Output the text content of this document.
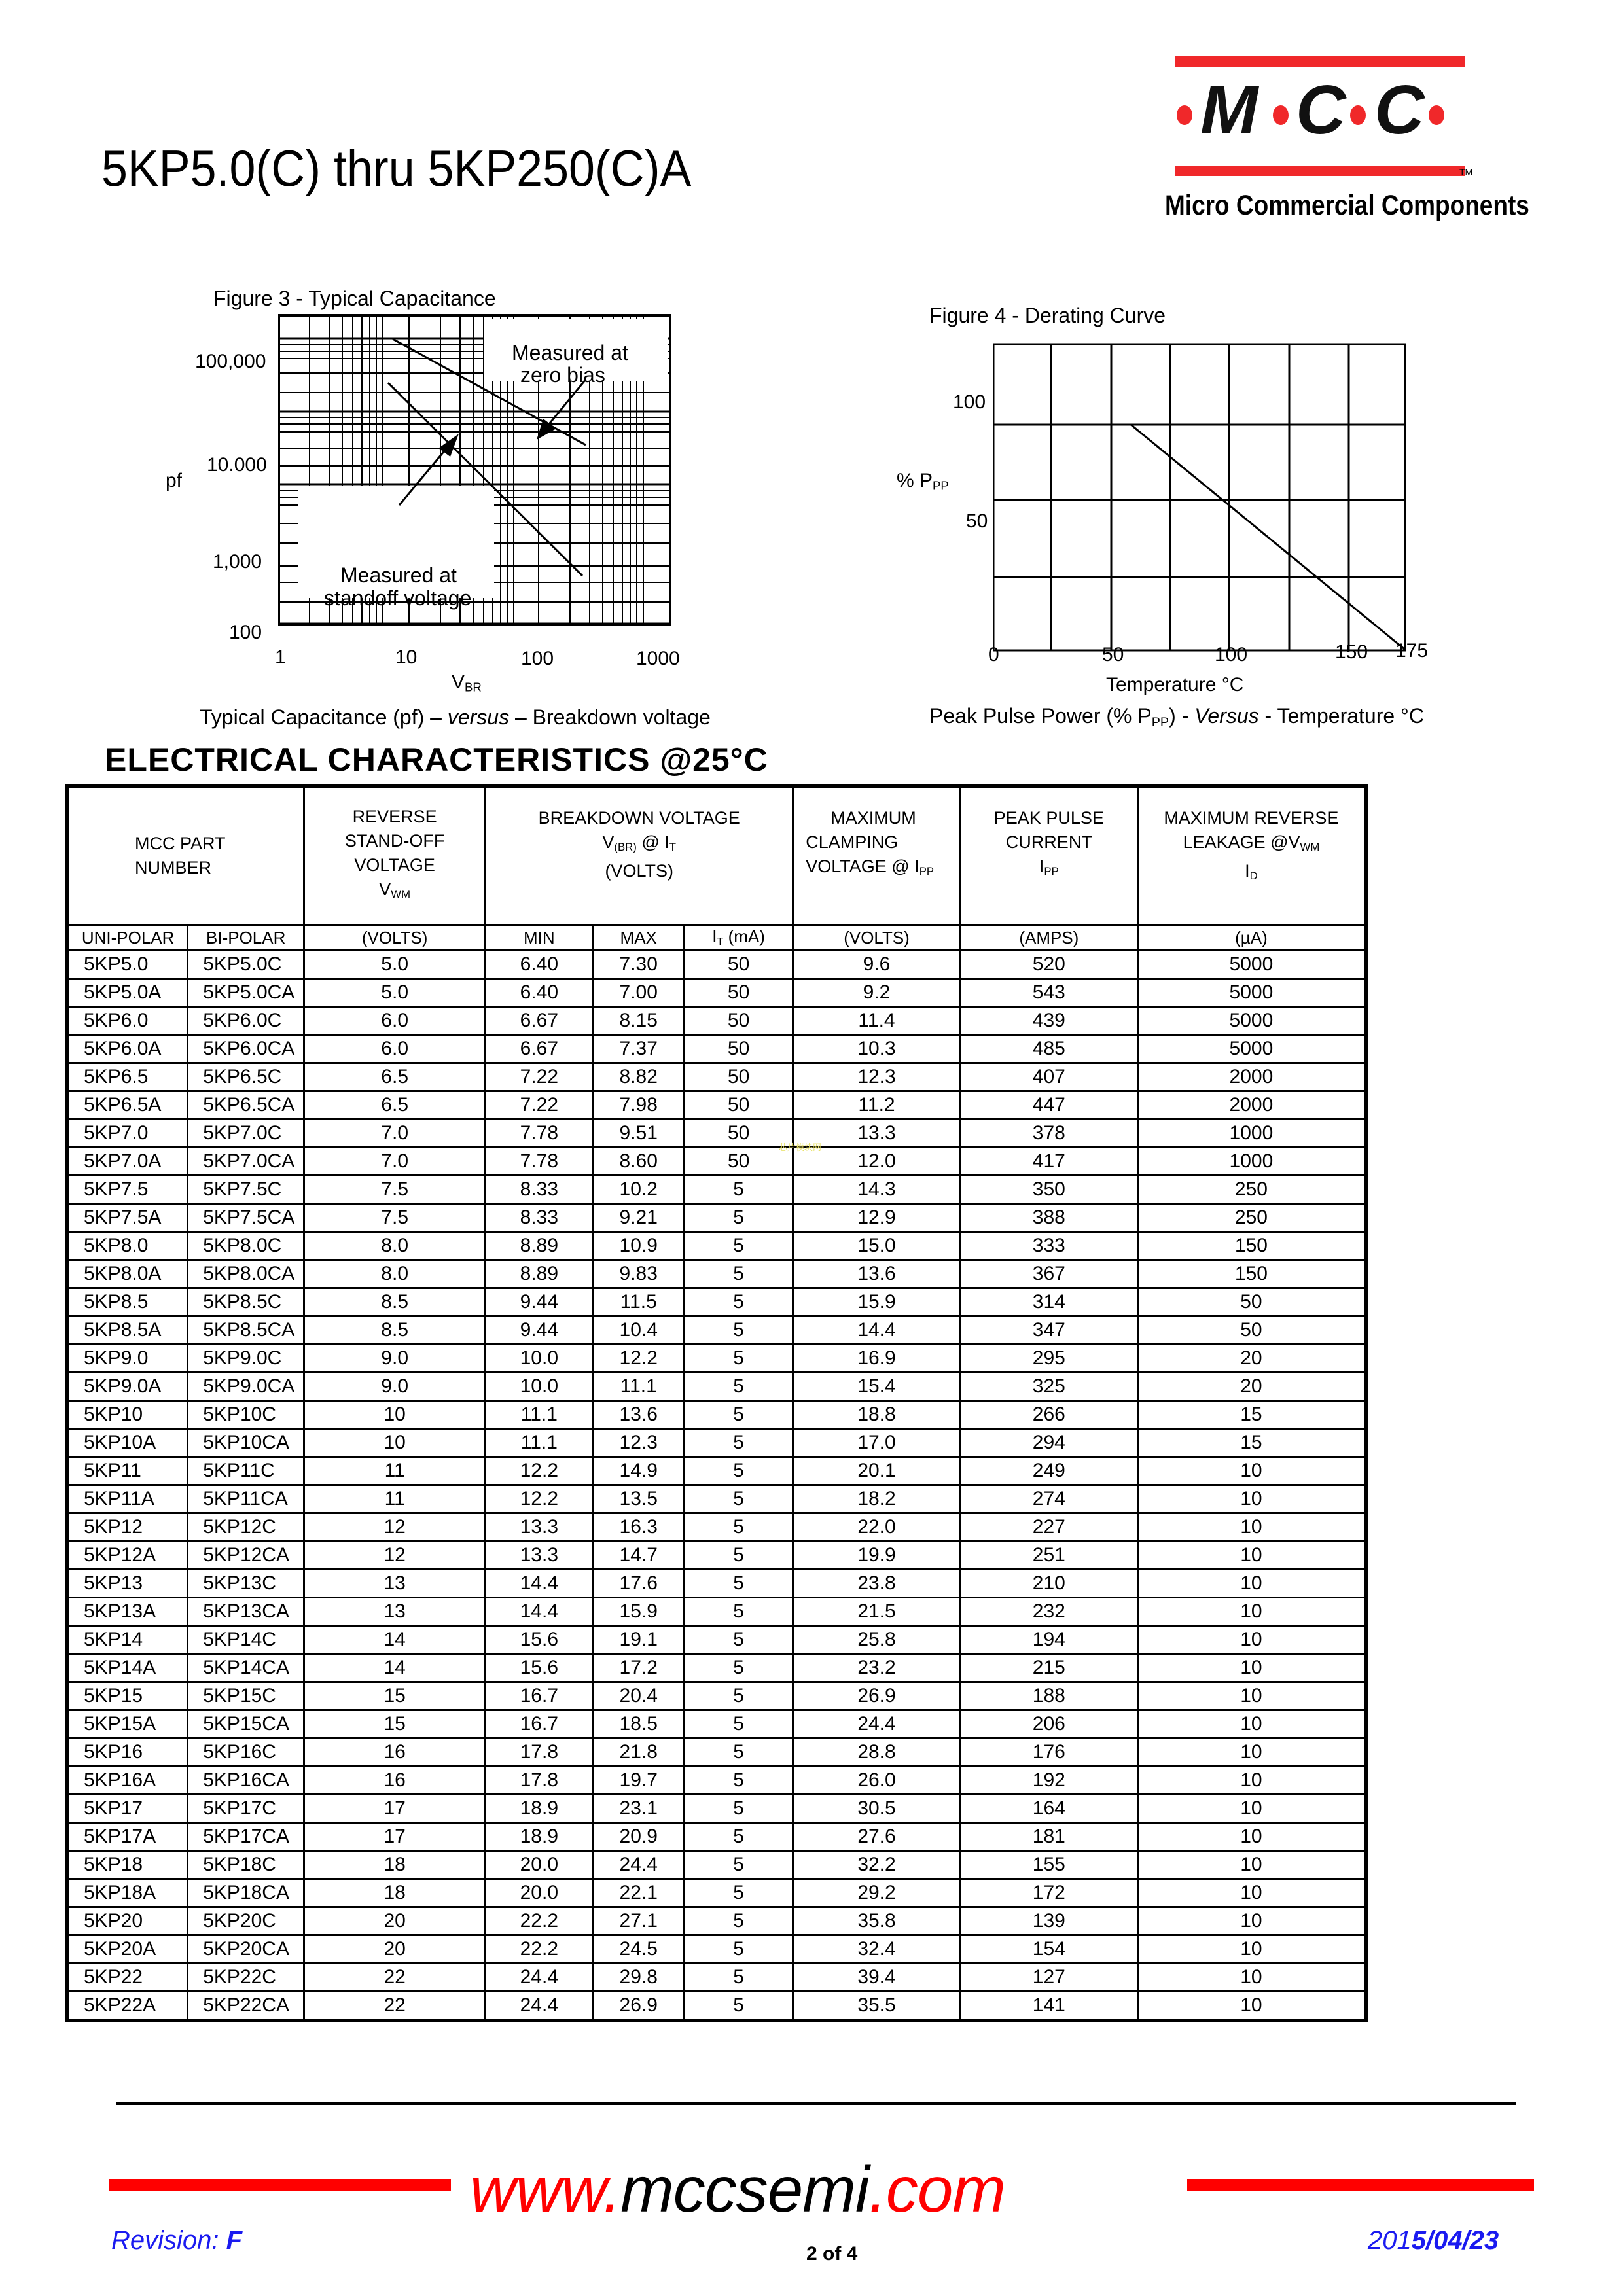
5KP5.0(C) thru 5KP250(C)A
M C C
TM
Micro Commercial Components
Figure 3 - Typical Capacitance
Measured at
zero bias
Measured at
standoff voltage
100,000
10.000
1,000
100
pf
1	10	100	1000
$V_{BR}$
Typical Capacitance (pf) – versus – Breakdown voltage
Figure 4 - Derating Curve
100
50
% $P_{PP}$
0	50	100	150 175
Temperature °C
Peak Pulse Power (% $P_{PP}$) - Versus - Temperature °C
ELECTRICAL CHARACTERISTICS @25°C
MCC PART
NUMBER

REVERSE
STAND-OFF
VOLTAGE
$V_{WM}$

BREAKDOWN VOLTAGE
$V_{(BR)}$ @ $I_T$
(VOLTS)

MAXIMUM
CLAMPING
VOLTAGE @ $I_{PP}$

PEAK PULSE
CURRENT
$I_{PP}$

MAXIMUM REVERSE
LEAKAGE $@V_{WM}$
$I_D$

UNI-POLAR	BI-POLAR	(VOLTS)	MIN	MAX	$I_T$ (mA)	(VOLTS)	(AMPS)	(µA)
5KP5.0	5KP5.0C	5.0	6.40	7.30	50	9.6	520	5000
5KP5.0A	5KP5.0CA	5.0	6.40	7.00	50	9.2	543	5000
5KP6.0	5KP6.0C	6.0	6.67	8.15	50	11.4	439	5000
5KP6.0A	5KP6.0CA	6.0	6.67	7.37	50	10.3	485	5000
5KP6.5	5KP6.5C	6.5	7.22	8.82	50	12.3	407	2000
5KP6.5A	5KP6.5CA	6.5	7.22	7.98	50	11.2	447	2000
5KP7.0	5KP7.0C	7.0	7.78	9.51	50	13.3	378	1000
5KP7.0A	5KP7.0CA	7.0	7.78	8.60	50	12.0	417	1000
5KP7.5	5KP7.5C	7.5	8.33	10.2	5	14.3	350	250
5KP7.5A	5KP7.5CA	7.5	8.33	9.21	5	12.9	388	250
5KP8.0	5KP8.0C	8.0	8.89	10.9	5	15.0	333	150
5KP8.0A	5KP8.0CA	8.0	8.89	9.83	5	13.6	367	150
5KP8.5	5KP8.5C	8.5	9.44	11.5	5	15.9	314	50
5KP8.5A	5KP8.5CA	8.5	9.44	10.4	5	14.4	347	50
5KP9.0	5KP9.0C	9.0	10.0	12.2	5	16.9	295	20
5KP9.0A	5KP9.0CA	9.0	10.0	11.1	5	15.4	325	20
5KP10	5KP10C	10	11.1	13.6	5	18.8	266	15
5KP10A	5KP10CA	10	11.1	12.3	5	17.0	294	15
5KP11	5KP11C	11	12.2	14.9	5	20.1	249	10
5KP11A	5KP11CA	11	12.2	13.5	5	18.2	274	10
5KP12	5KP12C	12	13.3	16.3	5	22.0	227	10
5KP12A	5KP12CA	12	13.3	14.7	5	19.9	251	10
5KP13	5KP13C	13	14.4	17.6	5	23.8	210	10
5KP13A	5KP13CA	13	14.4	15.9	5	21.5	232	10
5KP14	5KP14C	14	15.6	19.1	5	25.8	194	10
5KP14A	5KP14CA	14	15.6	17.2	5	23.2	215	10
5KP15	5KP15C	15	16.7	20.4	5	26.9	188	10
5KP15A	5KP15CA	15	16.7	18.5	5	24.4	206	10
5KP16	5KP16C	16	17.8	21.8	5	28.8	176	10
5KP16A	5KP16CA	16	17.8	19.7	5	26.0	192	10
5KP17	5KP17C	17	18.9	23.1	5	30.5	164	10
5KP17A	5KP17CA	17	18.9	20.9	5	27.6	181	10
5KP18	5KP18C	18	20.0	24.4	5	32.2	155	10
5KP18A	5KP18CA	18	20.0	22.1	5	29.2	172	10
5KP20	5KP20C	20	22.2	27.1	5	35.8	139	10
5KP20A	5KP20CA	20	22.2	24.5	5	32.4	154	10
5KP22	5KP22C	22	24.4	29.8	5	39.4	127	10
5KP22A	5KP22CA	22	24.4	26.9	5	35.5	141	10
芯片模块网
www.mccsemi.com
Revision: F	2 of 4	2015/04/23
